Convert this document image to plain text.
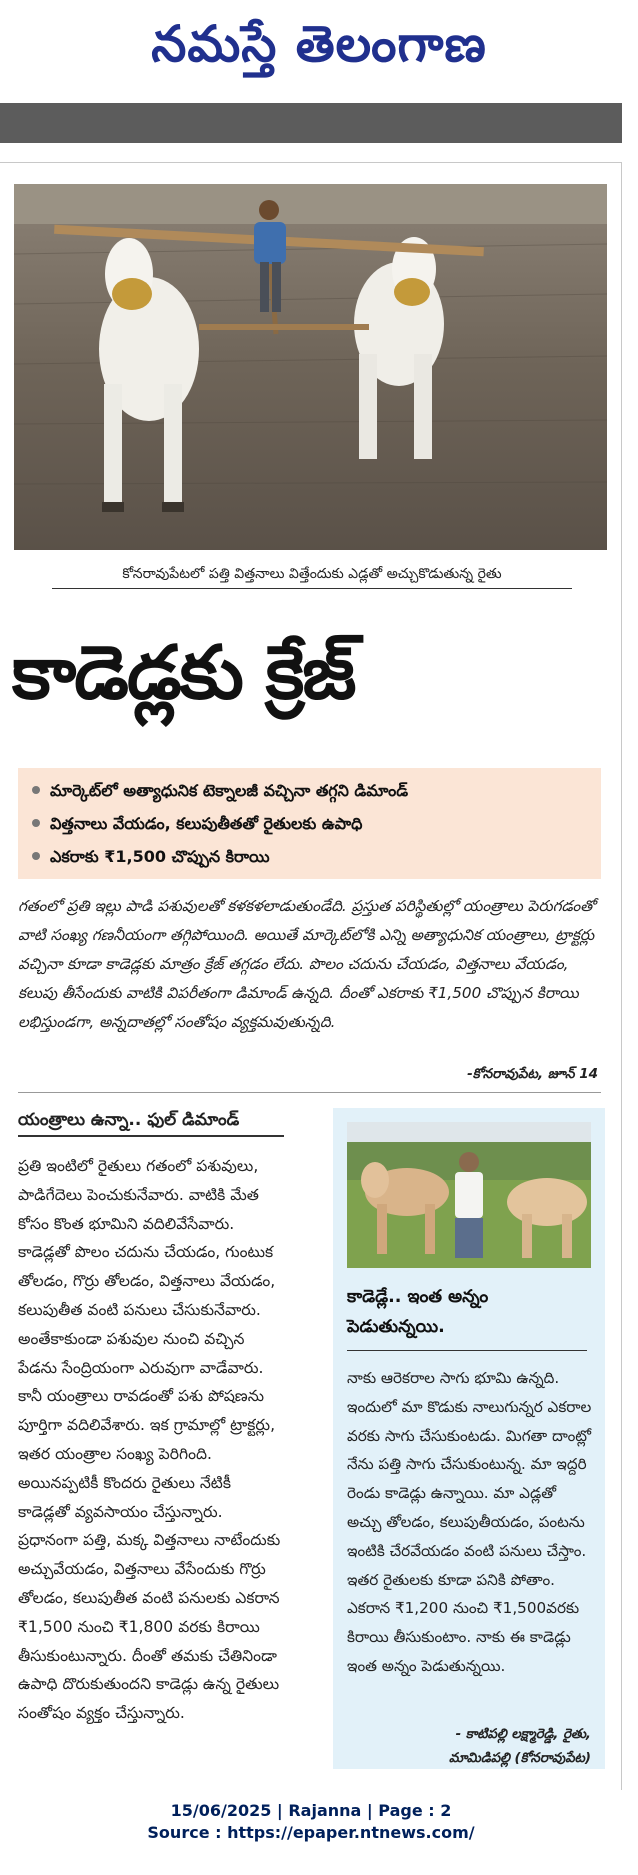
నమస్తే తెలంగాణ
కోనరావుపేటలో పత్తి విత్తనాలు విత్తేందుకు ఎడ్లతో అచ్చుకొడుతున్న రైతు
కాడెడ్లకు క్రేజ్
మార్కెట్‌లో అత్యాధునిక టెక్నాలజీ వచ్చినా తగ్గని డిమాండ్
విత్తనాలు వేయడం, కలుపుతీతతో రైతులకు ఉపాధి
ఎకరాకు ₹1,500 చొప్పున కిరాయి
గతంలో ప్రతి ఇల్లు పాడి పశువులతో కళకళలాడుతుండేది. ప్రస్తుత పరిస్థితుల్లో యంత్రాలు పెరుగడంతో వాటి సంఖ్య గణనీయంగా తగ్గిపోయింది. అయితే మార్కెట్‌లోకి ఎన్ని అత్యాధునిక యంత్రాలు, ట్రాక్టర్లు వచ్చినా కూడా కాడెడ్లకు మాత్రం క్రేజ్ తగ్గడం లేదు. పొలం చదును చేయడం, విత్తనాలు వేయడం, కలుపు తీసేందుకు వాటికి విపరీతంగా డిమాండ్ ఉన్నది. దీంతో ఎకరాకు ₹1,500 చొప్పున కిరాయి లభిస్తుండగా, అన్నదాతల్లో సంతోషం వ్యక్తమవుతున్నది.
-కోనరావుపేట, జూన్ 14
యంత్రాలు ఉన్నా.. ఫుల్ డిమాండ్
ప్రతి ఇంటిలో రైతులు గతంలో పశువులు, పాడిగేదెలు పెంచుకునేవారు. వాటికి మేత కోసం కొంత భూమిని వదిలివేసేవారు. కాడెడ్లతో పొలం చదును చేయడం, గుంటుక తోలడం, గొర్రు తోలడం, విత్తనాలు వేయడం, కలుపుతీత వంటి పనులు చేసుకునేవారు. అంతేకాకుండా పశువుల నుంచి వచ్చిన పేడను సేంద్రియంగా ఎరువుగా వాడేవారు. కానీ యంత్రాలు రావడంతో పశు పోషణను పూర్తిగా వదిలివేశారు. ఇక గ్రామాల్లో ట్రాక్టర్లు, ఇతర యంత్రాల సంఖ్య పెరిగింది. అయినప్పటికీ కొందరు రైతులు నేటికీ కాడెడ్లతో వ్యవసాయం చేస్తున్నారు. ప్రధానంగా పత్తి, మక్క విత్తనాలు నాటేందుకు అచ్చువేయడం, విత్తనాలు వేసేందుకు గొర్రు తోలడం, కలుపుతీత వంటి పనులకు ఎకరాన ₹1,500 నుంచి ₹1,800 వరకు కిరాయి తీసుకుంటున్నారు. దీంతో తమకు చేతినిండా ఉపాధి దొరుకుతుందని కాడెడ్లు ఉన్న రైతులు సంతోషం వ్యక్తం చేస్తున్నారు.
కాడెడ్లే.. ఇంత అన్నం పెడుతున్నయి.
నాకు ఆరెకరాల సాగు భూమి ఉన్నది. ఇందులో మా కొడుకు నాలుగున్నర ఎకరాల వరకు సాగు చేసుకుంటడు. మిగతా దాంట్లో నేను పత్తి సాగు చేసుకుంటున్న. మా ఇద్దరి రెండు కాడెడ్లు ఉన్నాయి. మా ఎడ్లతో అచ్చు తోలడం, కలుపుతీయడం, పంటను ఇంటికి చేరవేయడం వంటి పనులు చేస్తాం. ఇతర రైతులకు కూడా పనికి పోతాం. ఎకరాన ₹1,200 నుంచి ₹1,500వరకు కిరాయి తీసుకుంటాం. నాకు ఈ కాడెడ్లు ఇంత అన్నం పెడుతున్నయి.
- కాటిపల్లి లక్ష్మారెడ్డి, రైతు,
మామిడిపల్లి (కోనరావుపేట)
15/06/2025 | Rajanna | Page : 2
Source : https://epaper.ntnews.com/
